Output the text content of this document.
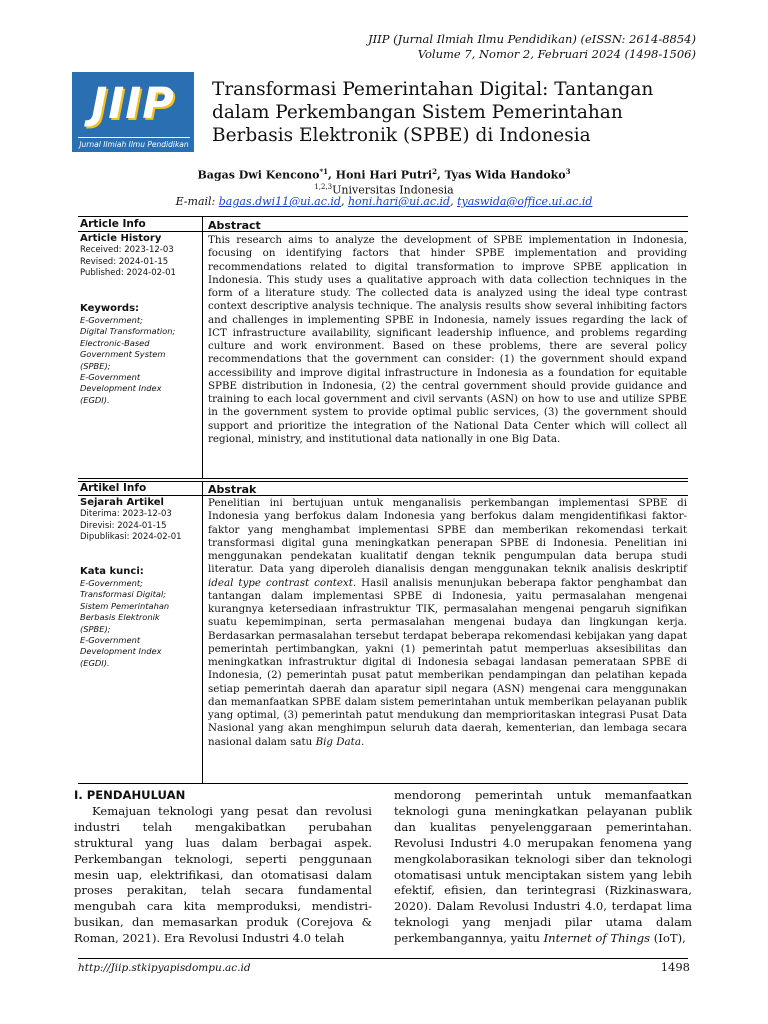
JIIP (Jurnal Ilmiah Ilmu Pendidikan) (eISSN: 2614-8854)
Volume 7, Nomor 2, Februari 2024 (1498-1506)
JIIP
Jurnal Ilmiah Ilmu Pendidikan
Transformasi Pemerintahan Digital: Tantangan dalam Perkembangan Sistem Pemerintahan Berbasis Elektronik (SPBE) di Indonesia
Bagas Dwi Kencono$^{*1}$, Honi Hari Putri$^2$, Tyas Wida Handoko$^3$
$^{1,2,3}$Universitas Indonesia
E-mail: bagas.dwi11@ui.ac.id, honi.hari@ui.ac.id, tyaswida@office.ui.ac.id
Article Info
Article History
Received: 2023-12-03
Revised: 2024-01-15
Published: 2024-02-01
Keywords:
E-Government;
Digital Transformation;
Electronic-Based
Government System
(SPBE);
E-Government
Development Index
(EGDI).
Abstract
This research aims to analyze the development of SPBE implementation in Indonesia, focusing on identifying factors that hinder SPBE implementation and providing recommendations related to digital transformation to improve SPBE application in Indonesia. This study uses a qualitative approach with data collection techniques in the form of a literature study. The collected data is analyzed using the ideal type contrast context descriptive analysis technique. The analysis results show several inhibiting factors and challenges in implementing SPBE in Indonesia, namely issues regarding the lack of ICT infrastructure availability, significant leadership influence, and problems regarding culture and work environment. Based on these problems, there are several policy recommendations that the government can consider: (1) the government should expand accessibility and improve digital infrastructure in Indonesia as a foundation for equitable SPBE distribution in Indonesia, (2) the central government should provide guidance and training to each local government and civil servants (ASN) on how to use and utilize SPBE in the government system to provide optimal public services, (3) the government should support and prioritize the integration of the National Data Center which will collect all regional, ministry, and institutional data nationally in one Big Data.
Artikel Info
Sejarah Artikel
Diterima: 2023-12-03
Direvisi: 2024-01-15
Dipublikasi: 2024-02-01
Kata kunci:
E-Government;
Transformasi Digital;
Sistem Pemerintahan
Berbasis Elektronik
(SPBE);
E-Government
Development Index
(EGDI).
Abstrak
Penelitian ini bertujuan untuk menganalisis perkembangan implementasi SPBE di Indonesia yang berfokus dalam Indonesia yang berfokus dalam mengidentifikasi faktor-faktor yang menghambat implementasi SPBE dan memberikan rekomendasi terkait transformasi digital guna meningkatkan penerapan SPBE di Indonesia. Penelitian ini menggunakan pendekatan kualitatif dengan teknik pengumpulan data berupa studi literatur. Data yang diperoleh dianalisis dengan menggunakan teknik analisis deskriptif ideal type contrast context. Hasil analisis menunjukan beberapa faktor penghambat dan tantangan dalam implementasi SPBE di Indonesia, yaitu permasalahan mengenai kurangnya ketersediaan infrastruktur TIK, permasalahan mengenai pengaruh signifikan suatu kepemimpinan, serta permasalahan mengenai budaya dan lingkungan kerja. Berdasarkan permasalahan tersebut terdapat beberapa rekomendasi kebijakan yang dapat pemerintah pertimbangkan, yakni (1) pemerintah patut memperluas aksesibilitas dan meningkatkan infrastruktur digital di Indonesia sebagai landasan pemerataan SPBE di Indonesia, (2) pemerintah pusat patut memberikan pendampingan dan pelatihan kepada setiap pemerintah daerah dan aparatur sipil negara (ASN) mengenai cara menggunakan dan memanfaatkan SPBE dalam sistem pemerintahan untuk memberikan pelayanan publik yang optimal, (3) pemerintah patut mendukung dan memprioritaskan integrasi Pusat Data Nasional yang akan menghimpun seluruh data daerah, kementerian, dan lembaga secara nasional dalam satu Big Data.
I. PENDAHULUAN
Kemajuan teknologi yang pesat dan revolusi industri telah mengakibatkan perubahan struktural yang luas dalam berbagai aspek. Perkembangan teknologi, seperti penggunaan mesin uap, elektrifikasi, dan otomatisasi dalam proses perakitan, telah secara fundamental mengubah cara kita memproduksi, mendistri-busikan, dan memasarkan produk (Corejova & Roman, 2021). Era Revolusi Industri 4.0 telah
mendorong pemerintah untuk memanfaatkan teknologi guna meningkatkan pelayanan publik dan kualitas penyelenggaraan pemerintahan. Revolusi Industri 4.0 merupakan fenomena yang mengkolaborasikan teknologi siber dan teknologi otomatisasi untuk menciptakan sistem yang lebih efektif, efisien, dan terintegrasi (Rizkinaswara, 2020). Dalam Revolusi Industri 4.0, terdapat lima teknologi yang menjadi pilar utama dalam perkembangannya, yaitu Internet of Things (IoT),
http://Jiip.stkipyapisdompu.ac.id	1498
